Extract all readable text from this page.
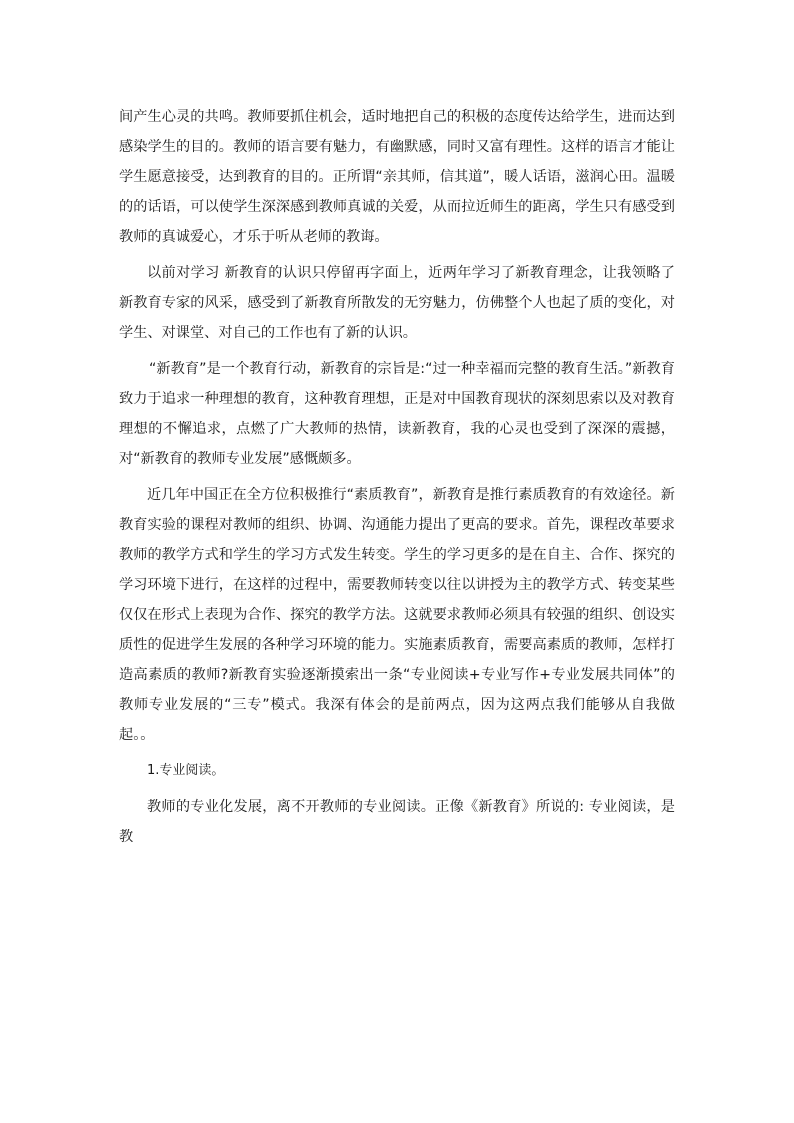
间产生心灵的共鸣。教师要抓住机会，适时地把自己的积极的态度传达给学生，进而达到感染学生的目的。教师的语言要有魅力，有幽默感，同时又富有理性。这样的语言才能让学生愿意接受，达到教育的目的。正所谓“亲其师，信其道”，暖人话语，滋润心田。温暖的的话语，可以使学生深深感到教师真诚的关爱，从而拉近师生的距离，学生只有感受到教师的真诚爱心，才乐于听从老师的教诲。

以前对学习 新教育的认识只停留再字面上，近两年学习了新教育理念，让我领略了新教育专家的风采，感受到了新教育所散发的无穷魅力，仿佛整个人也起了质的变化，对学生、对课堂、对自己的工作也有了新的认识。

“新教育”是一个教育行动，新教育的宗旨是:“过一种幸福而完整的教育生活。”新教育致力于追求一种理想的教育，这种教育理想，正是对中国教育现状的深刻思索以及对教育理想的不懈追求，点燃了广大教师的热情，读新教育，我的心灵也受到了深深的震撼，对“新教育的教师专业发展”感慨颇多。

近几年中国正在全方位积极推行“素质教育”，新教育是推行素质教育的有效途径。新教育实验的课程对教师的组织、协调、沟通能力提出了更高的要求。首先，课程改革要求教师的教学方式和学生的学习方式发生转变。学生的学习更多的是在自主、合作、探究的学习环境下进行，在这样的过程中，需要教师转变以往以讲授为主的教学方式、转变某些仅仅在形式上表现为合作、探究的教学方法。这就要求教师必须具有较强的组织、创设实质性的促进学生发展的各种学习环境的能力。实施素质教育，需要高素质的教师，怎样打造高素质的教师?新教育实验逐渐摸索出一条“专业阅读+专业写作+专业发展共同体”的教师专业发展的“三专”模式。我深有体会的是前两点，因为这两点我们能够从自我做起。。

1.专业阅读。

教师的专业化发展，离不开教师的专业阅读。正像《新教育》所说的: 专业阅读，是教
